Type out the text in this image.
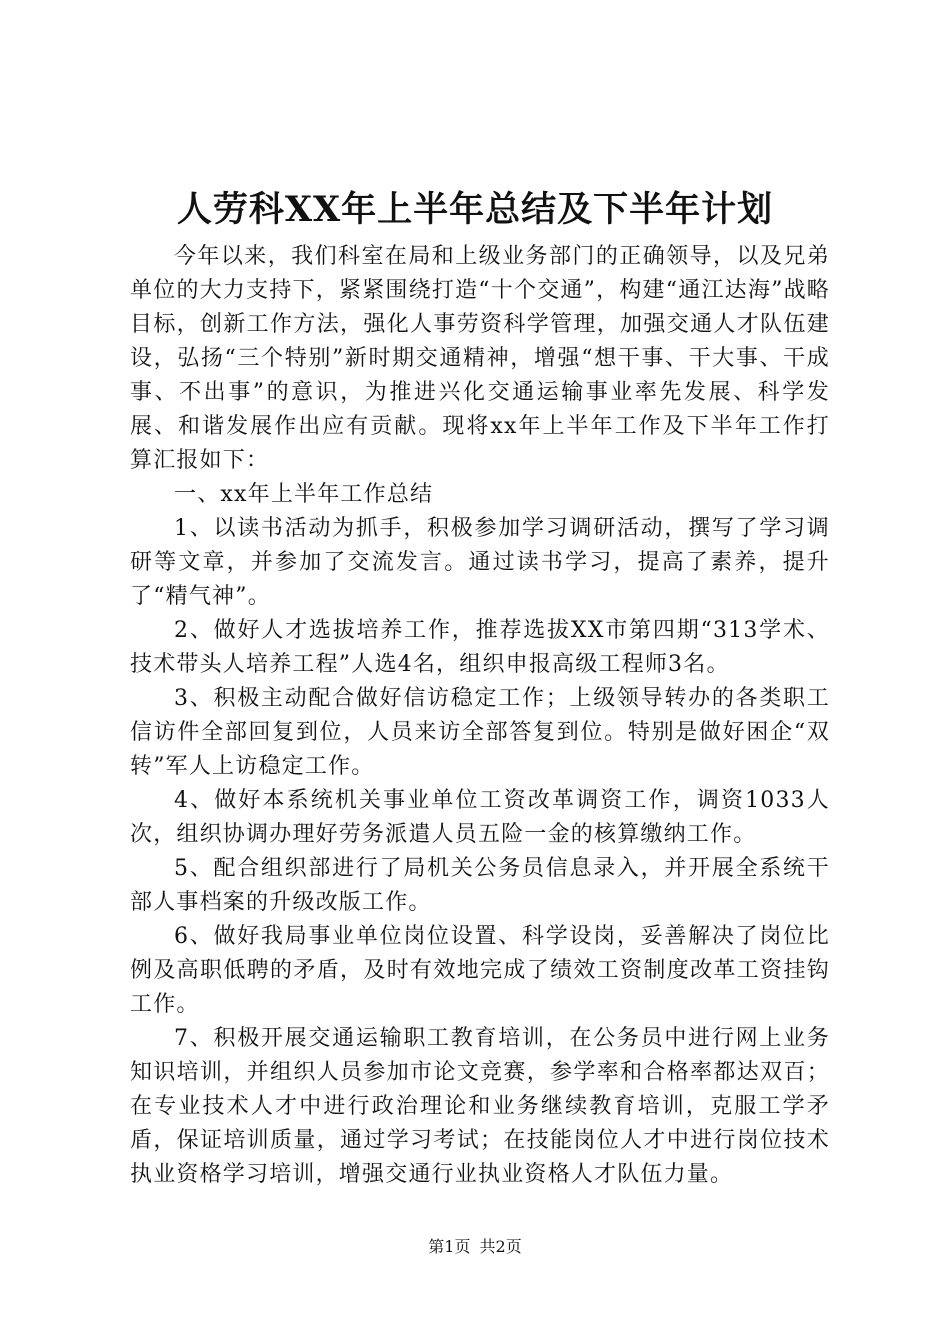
人劳科XX年上半年总结及下半年计划

今年以来，我们科室在局和上级业务部门的正确领导，以及兄弟单位的大力支持下，紧紧围绕打造“十个交通”，构建“通江达海”战略目标，创新工作方法，强化人事劳资科学管理，加强交通人才队伍建设，弘扬“三个特别”新时期交通精神，增强“想干事、干大事、干成事、不出事”的意识，为推进兴化交通运输事业率先发展、科学发展、和谐发展作出应有贡献。现将xx年上半年工作及下半年工作打算汇报如下：

一、xx年上半年工作总结

1、以读书活动为抓手，积极参加学习调研活动，撰写了学习调研等文章，并参加了交流发言。通过读书学习，提高了素养，提升了“精气神”。

2、做好人才选拔培养工作，推荐选拔XX市第四期“313学术、技术带头人培养工程”人选4名，组织申报高级工程师3名。

3、积极主动配合做好信访稳定工作；上级领导转办的各类职工信访件全部回复到位，人员来访全部答复到位。特别是做好困企“双转”军人上访稳定工作。

4、做好本系统机关事业单位工资改革调资工作，调资1033人次，组织协调办理好劳务派遣人员五险一金的核算缴纳工作。

5、配合组织部进行了局机关公务员信息录入，并开展全系统干部人事档案的升级改版工作。

6、做好我局事业单位岗位设置、科学设岗，妥善解决了岗位比例及高职低聘的矛盾，及时有效地完成了绩效工资制度改革工资挂钩工作。

7、积极开展交通运输职工教育培训，在公务员中进行网上业务知识培训，并组织人员参加市论文竞赛，参学率和合格率都达双百；在专业技术人才中进行政治理论和业务继续教育培训，克服工学矛盾，保证培训质量，通过学习考试；在技能岗位人才中进行岗位技术执业资格学习培训，增强交通行业执业资格人才队伍力量。

第1页 共2页
